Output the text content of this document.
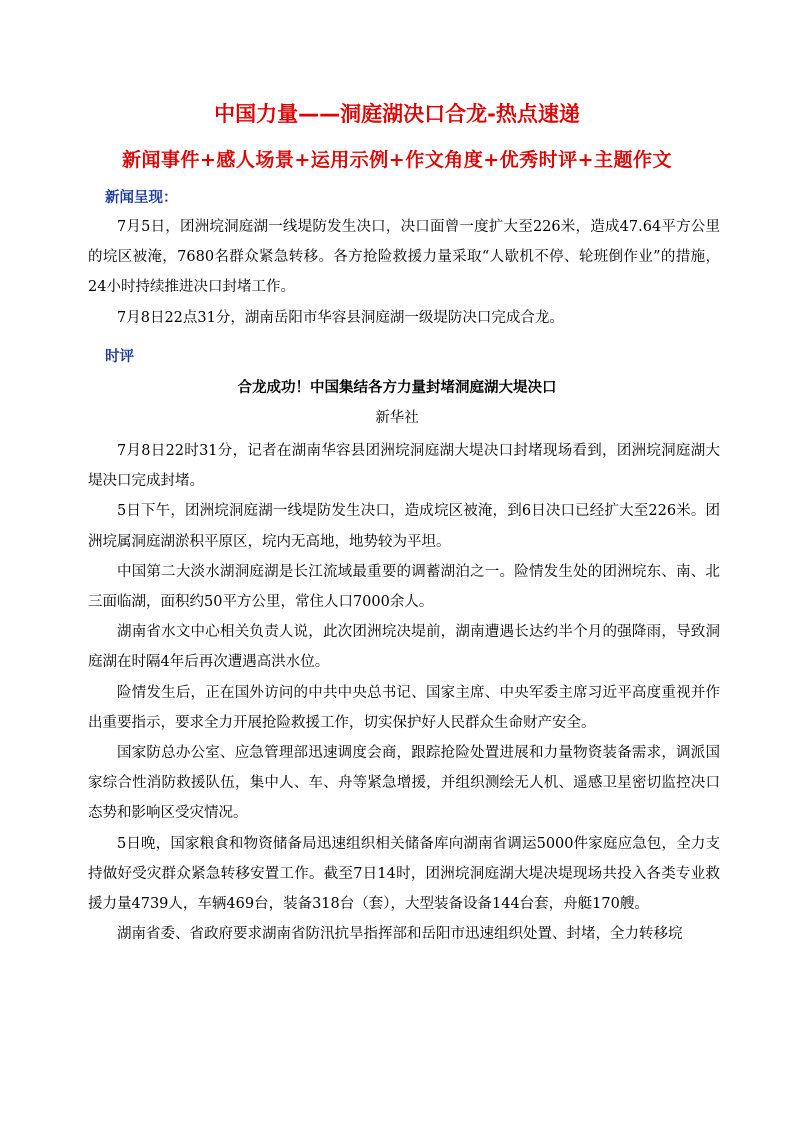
中国力量——洞庭湖决口合龙-热点速递
新闻事件+感人场景+运用示例+作文角度+优秀时评+主题作文
新闻呈现：

7月5日，团洲垸洞庭湖一线堤防发生决口，决口面曾一度扩大至226米，造成47.64平方公里的垸区被淹，7680名群众紧急转移。各方抢险救援力量采取“人歇机不停、轮班倒作业”的措施，24小时持续推进决口封堵工作。

7月8日22点31分，湖南岳阳市华容县洞庭湖一级堤防决口完成合龙。

时评
合龙成功！中国集结各方力量封堵洞庭湖大堤决口
新华社

7月8日22时31分，记者在湖南华容县团洲垸洞庭湖大堤决口封堵现场看到，团洲垸洞庭湖大堤决口完成封堵。

5日下午，团洲垸洞庭湖一线堤防发生决口，造成垸区被淹，到6日决口已经扩大至226米。团洲垸属洞庭湖淤积平原区，垸内无高地，地势较为平坦。

中国第二大淡水湖洞庭湖是长江流域最重要的调蓄湖泊之一。险情发生处的团洲垸东、南、北三面临湖，面积约50平方公里，常住人口7000余人。

湖南省水文中心相关负责人说，此次团洲垸决堤前，湖南遭遇长达约半个月的强降雨，导致洞庭湖在时隔4年后再次遭遇高洪水位。

险情发生后，正在国外访问的中共中央总书记、国家主席、中央军委主席习近平高度重视并作出重要指示，要求全力开展抢险救援工作，切实保护好人民群众生命财产安全。

国家防总办公室、应急管理部迅速调度会商，跟踪抢险处置进展和力量物资装备需求，调派国家综合性消防救援队伍，集中人、车、舟等紧急增援，并组织测绘无人机、遥感卫星密切监控决口态势和影响区受灾情况。

5日晚，国家粮食和物资储备局迅速组织相关储备库向湖南省调运5000件家庭应急包，全力支持做好受灾群众紧急转移安置工作。截至7日14时，团洲垸洞庭湖大堤决堤现场共投入各类专业救援力量4739人，车辆469台，装备318台（套），大型装备设备144台套，舟艇170艘。

湖南省委、省政府要求湖南省防汛抗旱指挥部和岳阳市迅速组织处置、封堵，全力转移垸
